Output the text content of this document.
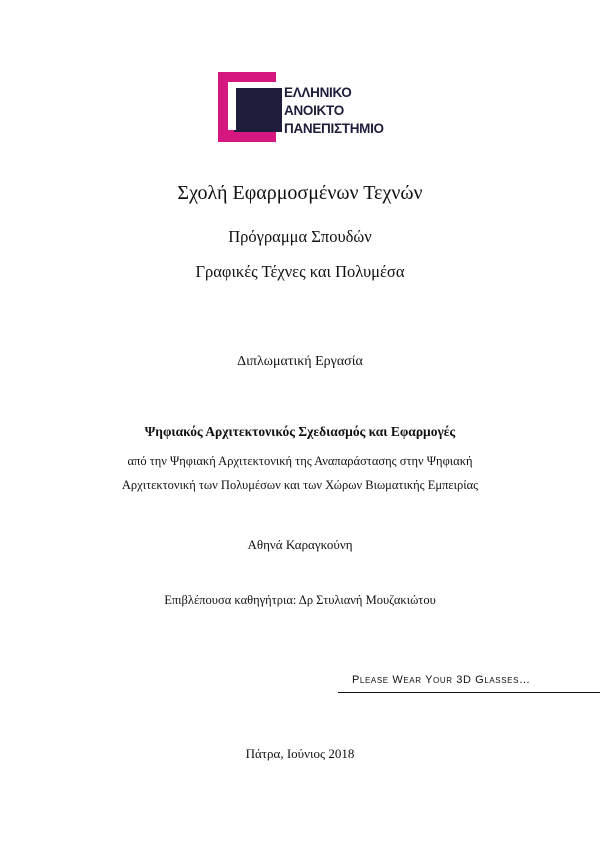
ΕΛΛΗΝΙΚΟ
ΑΝΟΙΚΤΟ
ΠΑΝΕΠΙΣΤΗΜΙΟ
Σχολή Εφαρμοσμένων Τεχνών
Πρόγραμμα Σπουδών
Γραφικές Τέχνες και Πολυμέσα
Διπλωματική Εργασία
Ψηφιακός Αρχιτεκτονικός Σχεδιασμός και Εφαρμογές
από την Ψηφιακή Αρχιτεκτονική της Αναπαράστασης στην Ψηφιακή
Αρχιτεκτονική των Πολυμέσων και των Χώρων Βιωματικής Εμπειρίας
Αθηνά Καραγκούνη
Επιβλέπουσα καθηγήτρια: Δρ Στυλιανή Μουζακιώτου
Please Wear Your 3D Glasses…
Πάτρα, Ιούνιος 2018
